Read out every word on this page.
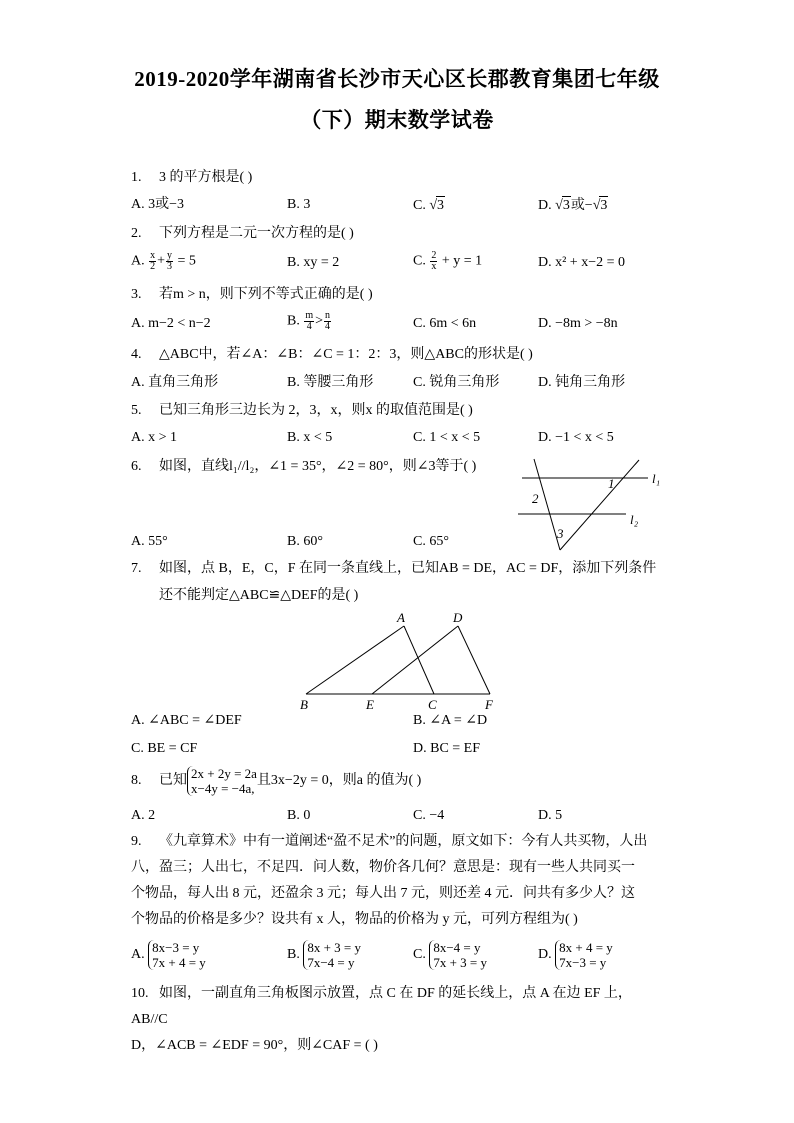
2019-2020学年湖南省长沙市天心区长郡教育集团七年级
（下）期末数学试卷
1. 3 的平方根是( )
A. 3或−3	B. 3	C. √3	D. √3或−√3
2. 下列方程是二元一次方程的是( )
A. $\frac{x}{2} + \frac{y}{3} = 5$	B. xy = 2	C. $\frac{2}{x} + y = 1$	D. x² + x−2 = 0
3. 若m > n，则下列不等式正确的是( )
A. m−2 < n−2	B. $\frac{m}{4} > \frac{n}{4}$	C. 6m < 6n	D. −8m > −8n
4. △ABC中，若∠A：∠B：∠C = 1：2：3，则△ABC的形状是( )
A. 直角三角形	B. 等腰三角形	C. 锐角三角形	D. 钝角三角形
5. 已知三角形三边长为 2，3，x，则x 的取值范围是( )
A. x > 1	B. x < 5	C. 1 < x < 5	D. −1 < x < 5
6. 如图，直线l₁//l₂，∠1 = 35°，∠2 = 80°，则∠3等于( )
l₁
l₂
1
2
3
A. 55°	B. 60°	C. 65°
7. 如图，点 B，E，C，F 在同一条直线上，已知AB = DE，AC = DF，添加下列条件
还不能判定△ABC≌△DEF的是( )
A	D
B	E	C	F
A. ∠ABC = ∠DEF	B. ∠A = ∠D
C. BE = CF	D. BC = EF
8. 已知 2x + 2y = 2a
x−4y = −4a,
且3x−2y = 0，则a 的值为( )
A. 2	B. 0	C. −4	D. 5
9. 《九章算术》中有一道阐述“盈不足术”的问题，原文如下：今有人共买物，人出
八，盈三；人出七，不足四．问人数，物价各几何？意思是：现有一些人共同买一
个物品，每人出 8 元，还盈余 3 元；每人出 7 元，则还差 4 元．问共有多少人？这
个物品的价格是多少？设共有 x 人，物品的价格为 y 元，可列方程组为( )
A. 8x−3 = y
7x + 4 = y
B. 8x + 3 = y
7x−4 = y
C. 8x−4 = y
7x + 3 = y
D. 8x + 4 = y
7x−3 = y
10. 如图，一副直角三角板图示放置，点 C 在 DF 的延长线上，点 A 在边 EF 上，AB//C
D，∠ACB = ∠EDF = 90°，则∠CAF = ( )
